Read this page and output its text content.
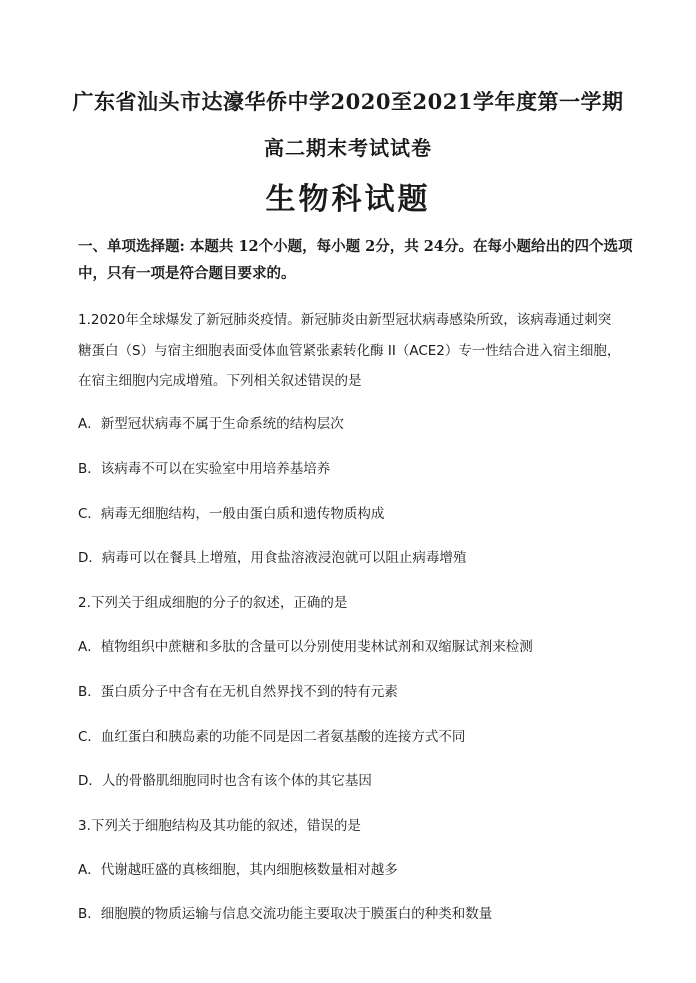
广东省汕头市达濠华侨中学2020至2021学年度第一学期
高二期末考试试卷
生物科试题
一、单项选择题: 本题共 12个小题，每小题 2分，共 24分。在每小题给出的四个选项中，只有一项是符合题目要求的。
1.2020年全球爆发了新冠肺炎疫情。新冠肺炎由新型冠状病毒感染所致，该病毒通过刺突
糖蛋白（S）与宿主细胞表面受体血管紧张素转化酶 II（ACE2）专一性结合进入宿主细胞，
在宿主细胞内完成增殖。下列相关叙述错误的是
A．新型冠状病毒不属于生命系统的结构层次
B．该病毒不可以在实验室中用培养基培养
C．病毒无细胞结构，一般由蛋白质和遗传物质构成
D．病毒可以在餐具上增殖，用食盐溶液浸泡就可以阻止病毒增殖
2.下列关于组成细胞的分子的叙述，正确的是
A．植物组织中蔗糖和多肽的含量可以分别使用斐林试剂和双缩脲试剂来检测
B．蛋白质分子中含有在无机自然界找不到的特有元素
C．血红蛋白和胰岛素的功能不同是因二者氨基酸的连接方式不同
D．人的骨骼肌细胞同时也含有该个体的其它基因
3.下列关于细胞结构及其功能的叙述，错误的是
A．代谢越旺盛的真核细胞，其内细胞核数量相对越多
B．细胞膜的物质运输与信息交流功能主要取决于膜蛋白的种类和数量
